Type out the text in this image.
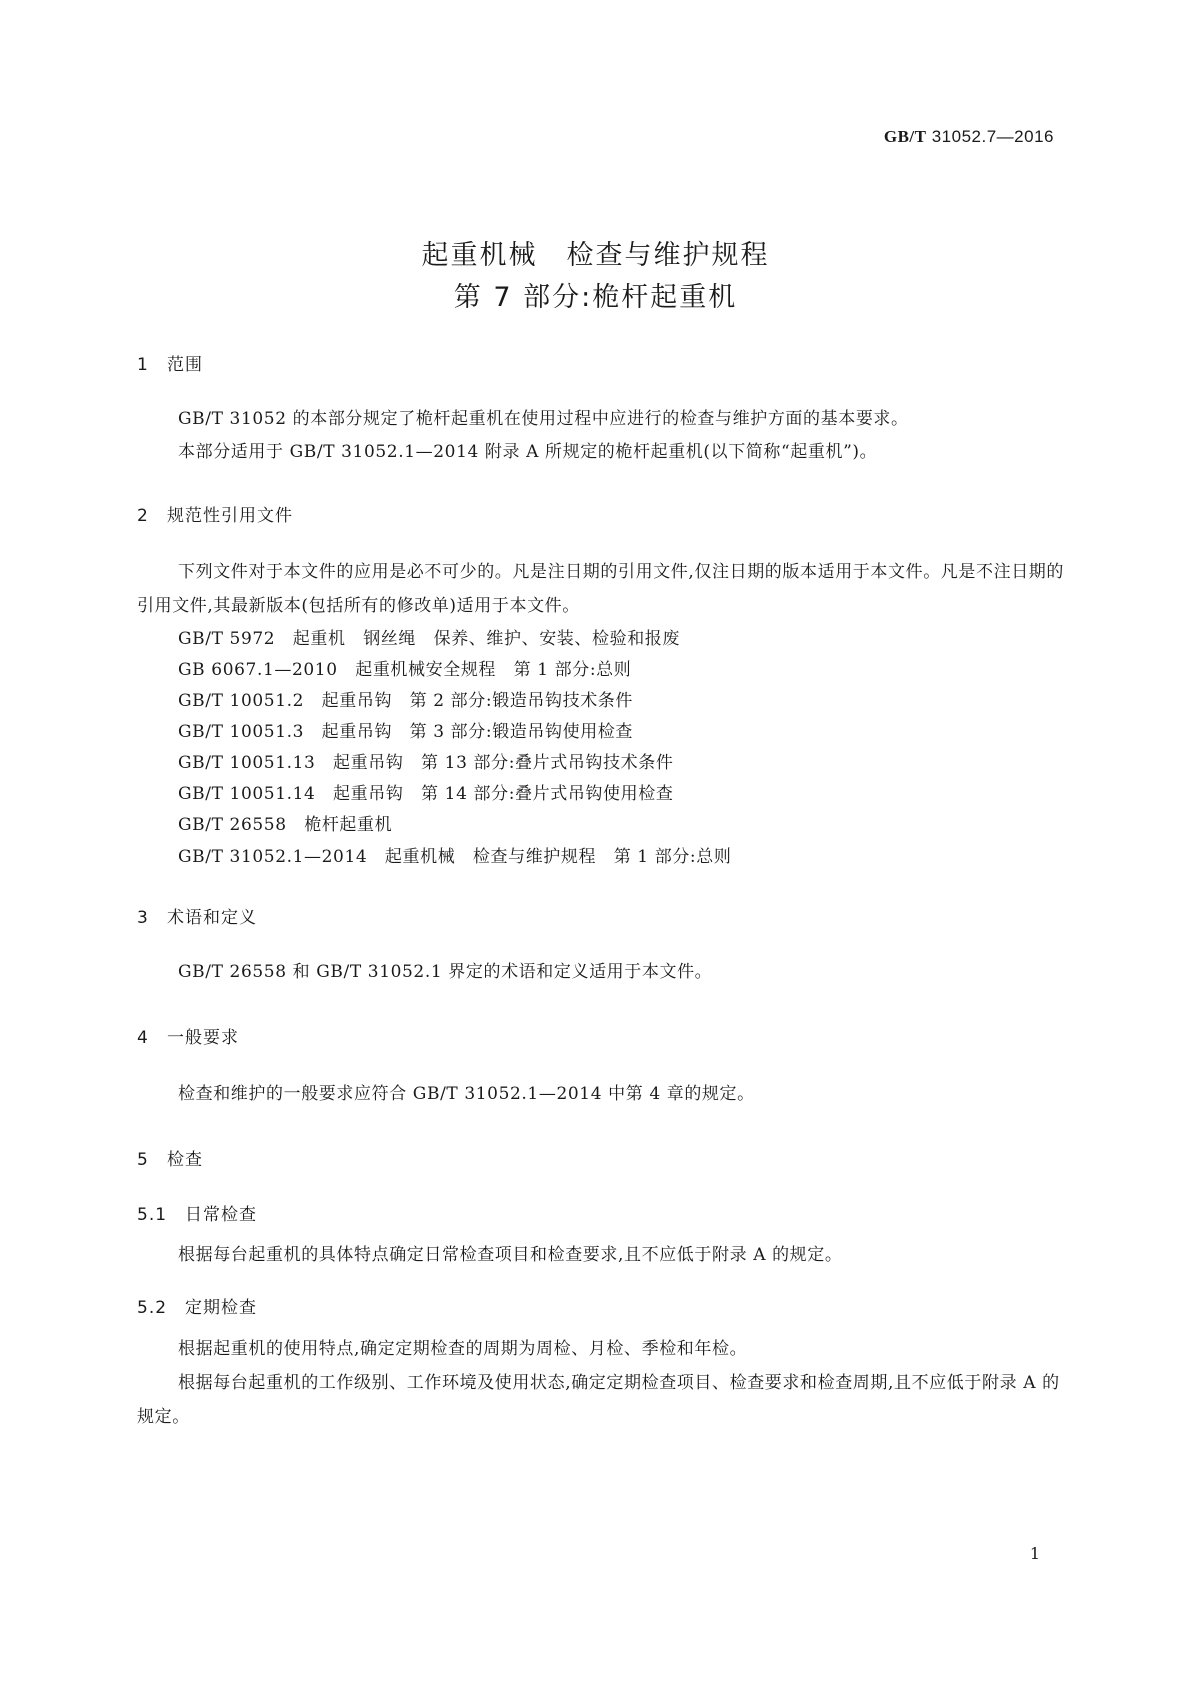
GB/T 31052.7—2016
起重机械　检查与维护规程
第 7 部分:桅杆起重机
1 范围
GB/T 31052 的本部分规定了桅杆起重机在使用过程中应进行的检查与维护方面的基本要求。
本部分适用于 GB/T 31052.1—2014 附录 A 所规定的桅杆起重机(以下简称“起重机”)。
2 规范性引用文件
下列文件对于本文件的应用是必不可少的。凡是注日期的引用文件,仅注日期的版本适用于本文件。凡是不注日期的引用文件,其最新版本(包括所有的修改单)适用于本文件。
GB/T 5972　起重机　钢丝绳　保养、维护、安装、检验和报废
GB 6067.1—2010　起重机械安全规程　第 1 部分:总则
GB/T 10051.2　起重吊钩　第 2 部分:锻造吊钩技术条件
GB/T 10051.3　起重吊钩　第 3 部分:锻造吊钩使用检查
GB/T 10051.13　起重吊钩　第 13 部分:叠片式吊钩技术条件
GB/T 10051.14　起重吊钩　第 14 部分:叠片式吊钩使用检查
GB/T 26558　桅杆起重机
GB/T 31052.1—2014　起重机械　检查与维护规程　第 1 部分:总则
3 术语和定义
GB/T 26558 和 GB/T 31052.1 界定的术语和定义适用于本文件。
4 一般要求
检查和维护的一般要求应符合 GB/T 31052.1—2014 中第 4 章的规定。
5 检查
5.1 日常检查
根据每台起重机的具体特点确定日常检查项目和检查要求,且不应低于附录 A 的规定。
5.2 定期检查
根据起重机的使用特点,确定定期检查的周期为周检、月检、季检和年检。
根据每台起重机的工作级别、工作环境及使用状态,确定定期检查项目、检查要求和检查周期,且不应低于附录 A 的规定。
1
